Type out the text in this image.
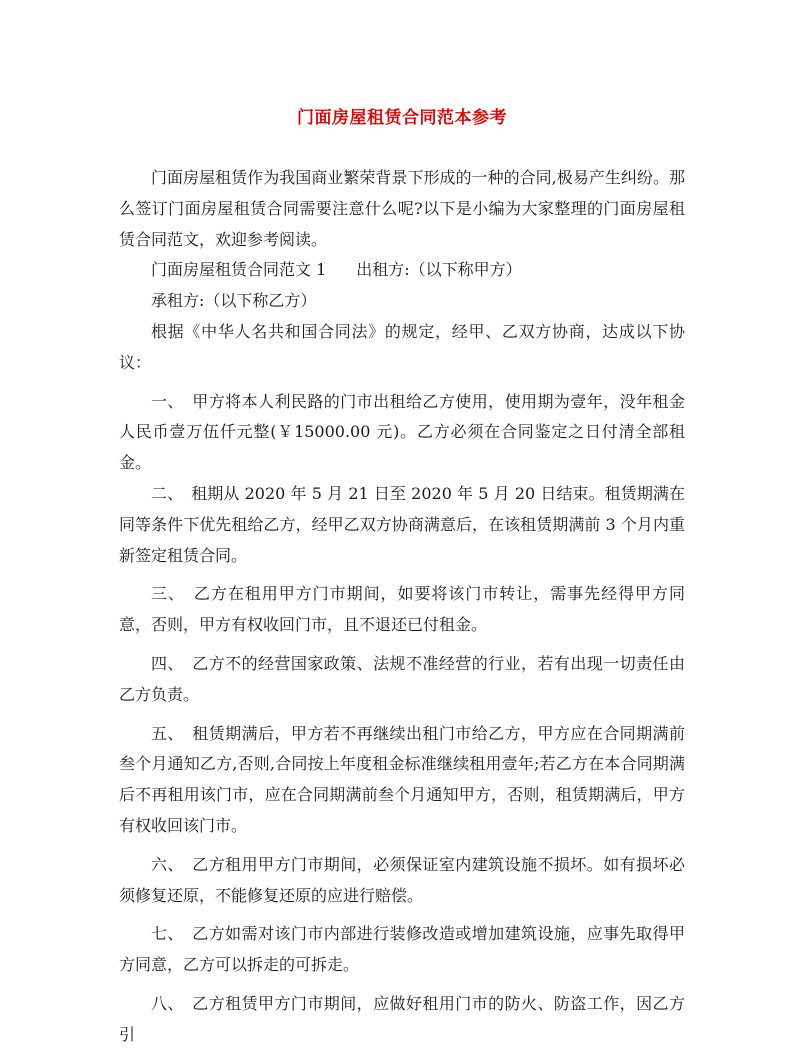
门面房屋租赁合同范本参考

门面房屋租赁作为我国商业繁荣背景下形成的一种的合同,极易产生纠纷。那么签订门面房屋租赁合同需要注意什么呢?以下是小编为大家整理的门面房屋租赁合同范文，欢迎参考阅读。

门面房屋租赁合同范文 1 出租方:（以下称甲方）

承租方:（以下称乙方）

根据《中华人名共和国合同法》的规定，经甲、乙双方协商，达成以下协议：

一、　甲方将本人利民路的门市出租给乙方使用，使用期为壹年，没年租金人民币壹万伍仟元整(￥15000.00 元)。乙方必须在合同鉴定之日付清全部租金。

二、　租期从 2020 年 5 月 21 日至 2020 年 5 月 20 日结束。租赁期满在同等条件下优先租给乙方，经甲乙双方协商满意后，在该租赁期满前 3 个月内重新签定租赁合同。

三、　乙方在租用甲方门市期间，如要将该门市转让，需事先经得甲方同意，否则，甲方有权收回门市，且不退还已付租金。

四、　乙方不的经营国家政策、法规不准经营的行业，若有出现一切责任由乙方负责。

五、　租赁期满后，甲方若不再继续出租门市给乙方，甲方应在合同期满前叁个月通知乙方,否则,合同按上年度租金标准继续租用壹年;若乙方在本合同期满后不再租用该门市，应在合同期满前叁个月通知甲方，否则，租赁期满后，甲方有权收回该门市。

六、　乙方租用甲方门市期间，必须保证室内建筑设施不损坏。如有损坏必须修复还原，不能修复还原的应进行赔偿。

七、　乙方如需对该门市内部进行装修改造或增加建筑设施，应事先取得甲方同意，乙方可以拆走的可拆走。

八、　乙方租赁甲方门市期间，应做好租用门市的防火、防盗工作，因乙方引
